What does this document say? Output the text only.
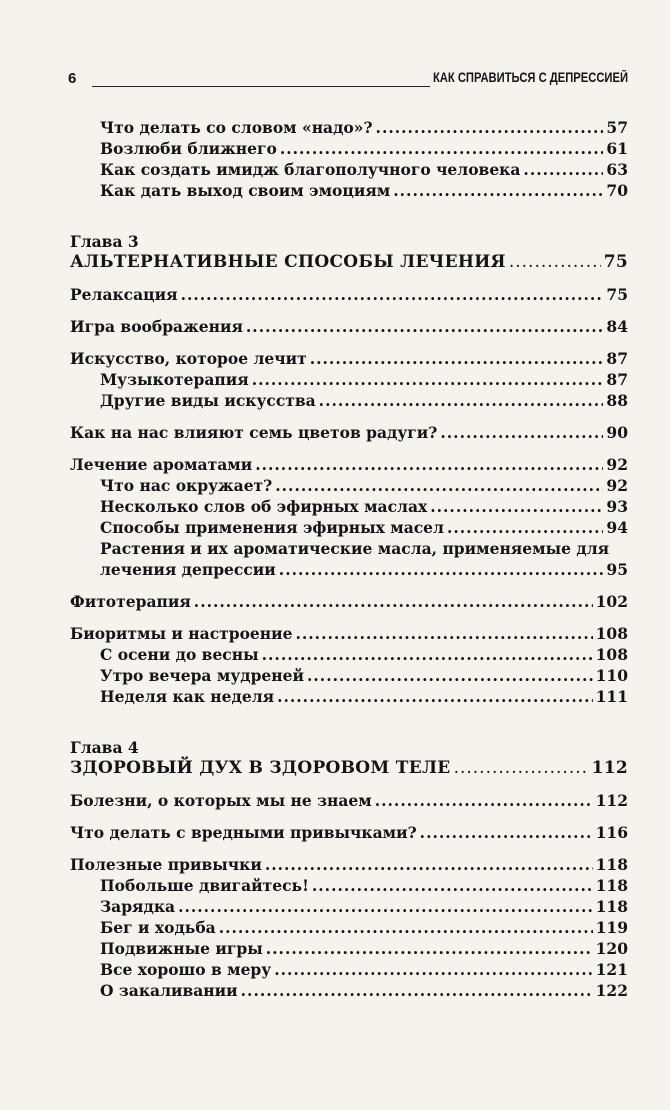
6	КАК СПРАВИТЬСЯ С ДЕПРЕССИЕЙ
Что делать со словом «надо»? .....	57
Возлюби ближнего .....	61
Как создать имидж благополучного человека .....	63
Как дать выход своим эмоциям .....	70
Глава 3
АЛЬТЕРНАТИВНЫЕ СПОСОБЫ ЛЕЧЕНИЯ .....	75
Релаксация .....	75
Игра воображения .....	84
Искусство, которое лечит .....	87
Музыкотерапия .....	87
Другие виды искусства .....	88
Как на нас влияют семь цветов радуги? .....	90
Лечение ароматами .....	92
Что нас окружает? .....	92
Несколько слов об эфирных маслах .....	93
Способы применения эфирных масел .....	94
Растения и их ароматические масла, применяемые для
лечения депрессии .....	95
Фитотерапия .....	102
Биоритмы и настроение .....	108
С осени до весны .....	108
Утро вечера мудреней .....	110
Неделя как неделя .....	111
Глава 4
ЗДОРОВЫЙ ДУХ В ЗДОРОВОМ ТЕЛЕ .....	112
Болезни, о которых мы не знаем .....	112
Что делать с вредными привычками? .....	116
Полезные привычки .....	118
Побольше двигайтесь! .....	118
Зарядка .....	118
Бег и ходьба .....	119
Подвижные игры .....	120
Все хорошо в меру .....	121
О закаливании .....	122
